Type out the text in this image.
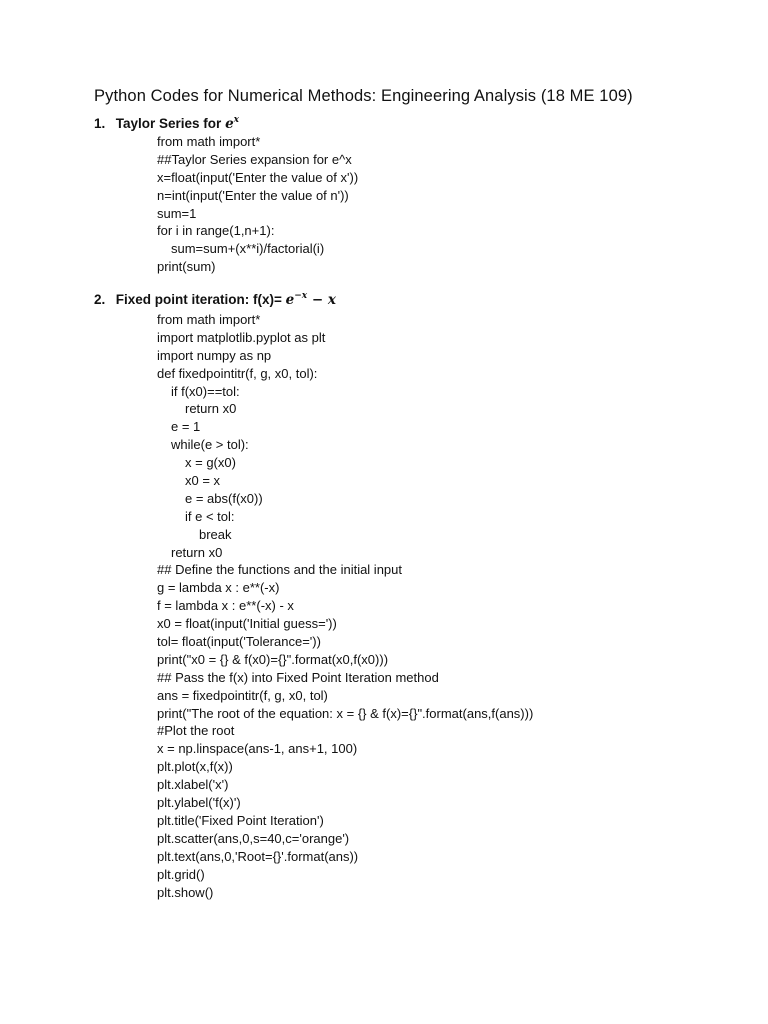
Python Codes for Numerical Methods: Engineering Analysis (18 ME 109)
1. Taylor Series for $e^x$
from math import*
##Taylor Series expansion for e^x
x=float(input('Enter the value of x'))
n=int(input('Enter the value of n'))
sum=1
for i in range(1,n+1):
sum=sum+(x**i)/factorial(i)
print(sum)
2. Fixed point iteration: $f(x)= e^{-x} - x$
from math import*
import matplotlib.pyplot as plt
import numpy as np
def fixedpointitr(f, g, x0, tol):
if f(x0)==tol:
return x0
e = 1
while(e > tol):
x = g(x0)
x0 = x
e = abs(f(x0))
if e < tol:
break
return x0
## Define the functions and the initial input
g = lambda x : e**(-x)
f = lambda x : e**(-x) - x
x0 = float(input('Initial guess='))
tol= float(input('Tolerance='))
print("x0 = {} & f(x0)={}".format(x0,f(x0)))
## Pass the f(x) into Fixed Point Iteration method
ans = fixedpointitr(f, g, x0, tol)
print("The root of the equation: x = {} & f(x)={}".format(ans,f(ans)))
#Plot the root
x = np.linspace(ans-1, ans+1, 100)
plt.plot(x,f(x))
plt.xlabel('x')
plt.ylabel('f(x)')
plt.title('Fixed Point Iteration')
plt.scatter(ans,0,s=40,c='orange')
plt.text(ans,0,'Root={}'.format(ans))
plt.grid()
plt.show()
